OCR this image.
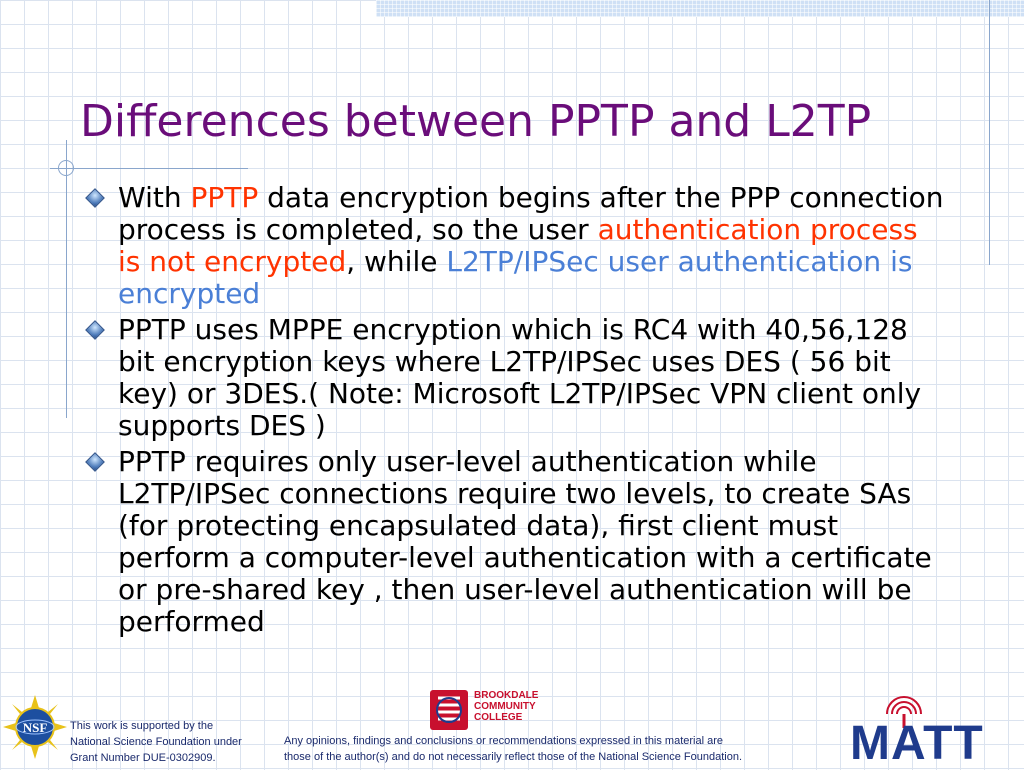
Differences between PPTP and L2TP
With PPTP data encryption begins after the PPP connection process is completed, so the user authentication process is not encrypted, while L2TP/IPSec user authentication is encrypted
PPTP uses MPPE encryption which is RC4 with 40,56,128 bit encryption keys where L2TP/IPSec uses DES ( 56 bit key) or 3DES.( Note: Microsoft L2TP/IPSec VPN client only supports DES )
PPTP requires only user-level authentication while L2TP/IPSec connections require two levels, to create SAs (for protecting encapsulated data), first client must perform a computer-level authentication with a certificate or pre-shared key , then user-level authentication will be performed
NSF This work is supported by the
National Science Foundation under
Grant Number DUE-0302909.
Any opinions, findings and conclusions or recommendations expressed in this material are
those of the author(s) and do not necessarily reflect those of the National Science Foundation.
BROOKDALE
COMMUNITY
COLLEGE	MATT
